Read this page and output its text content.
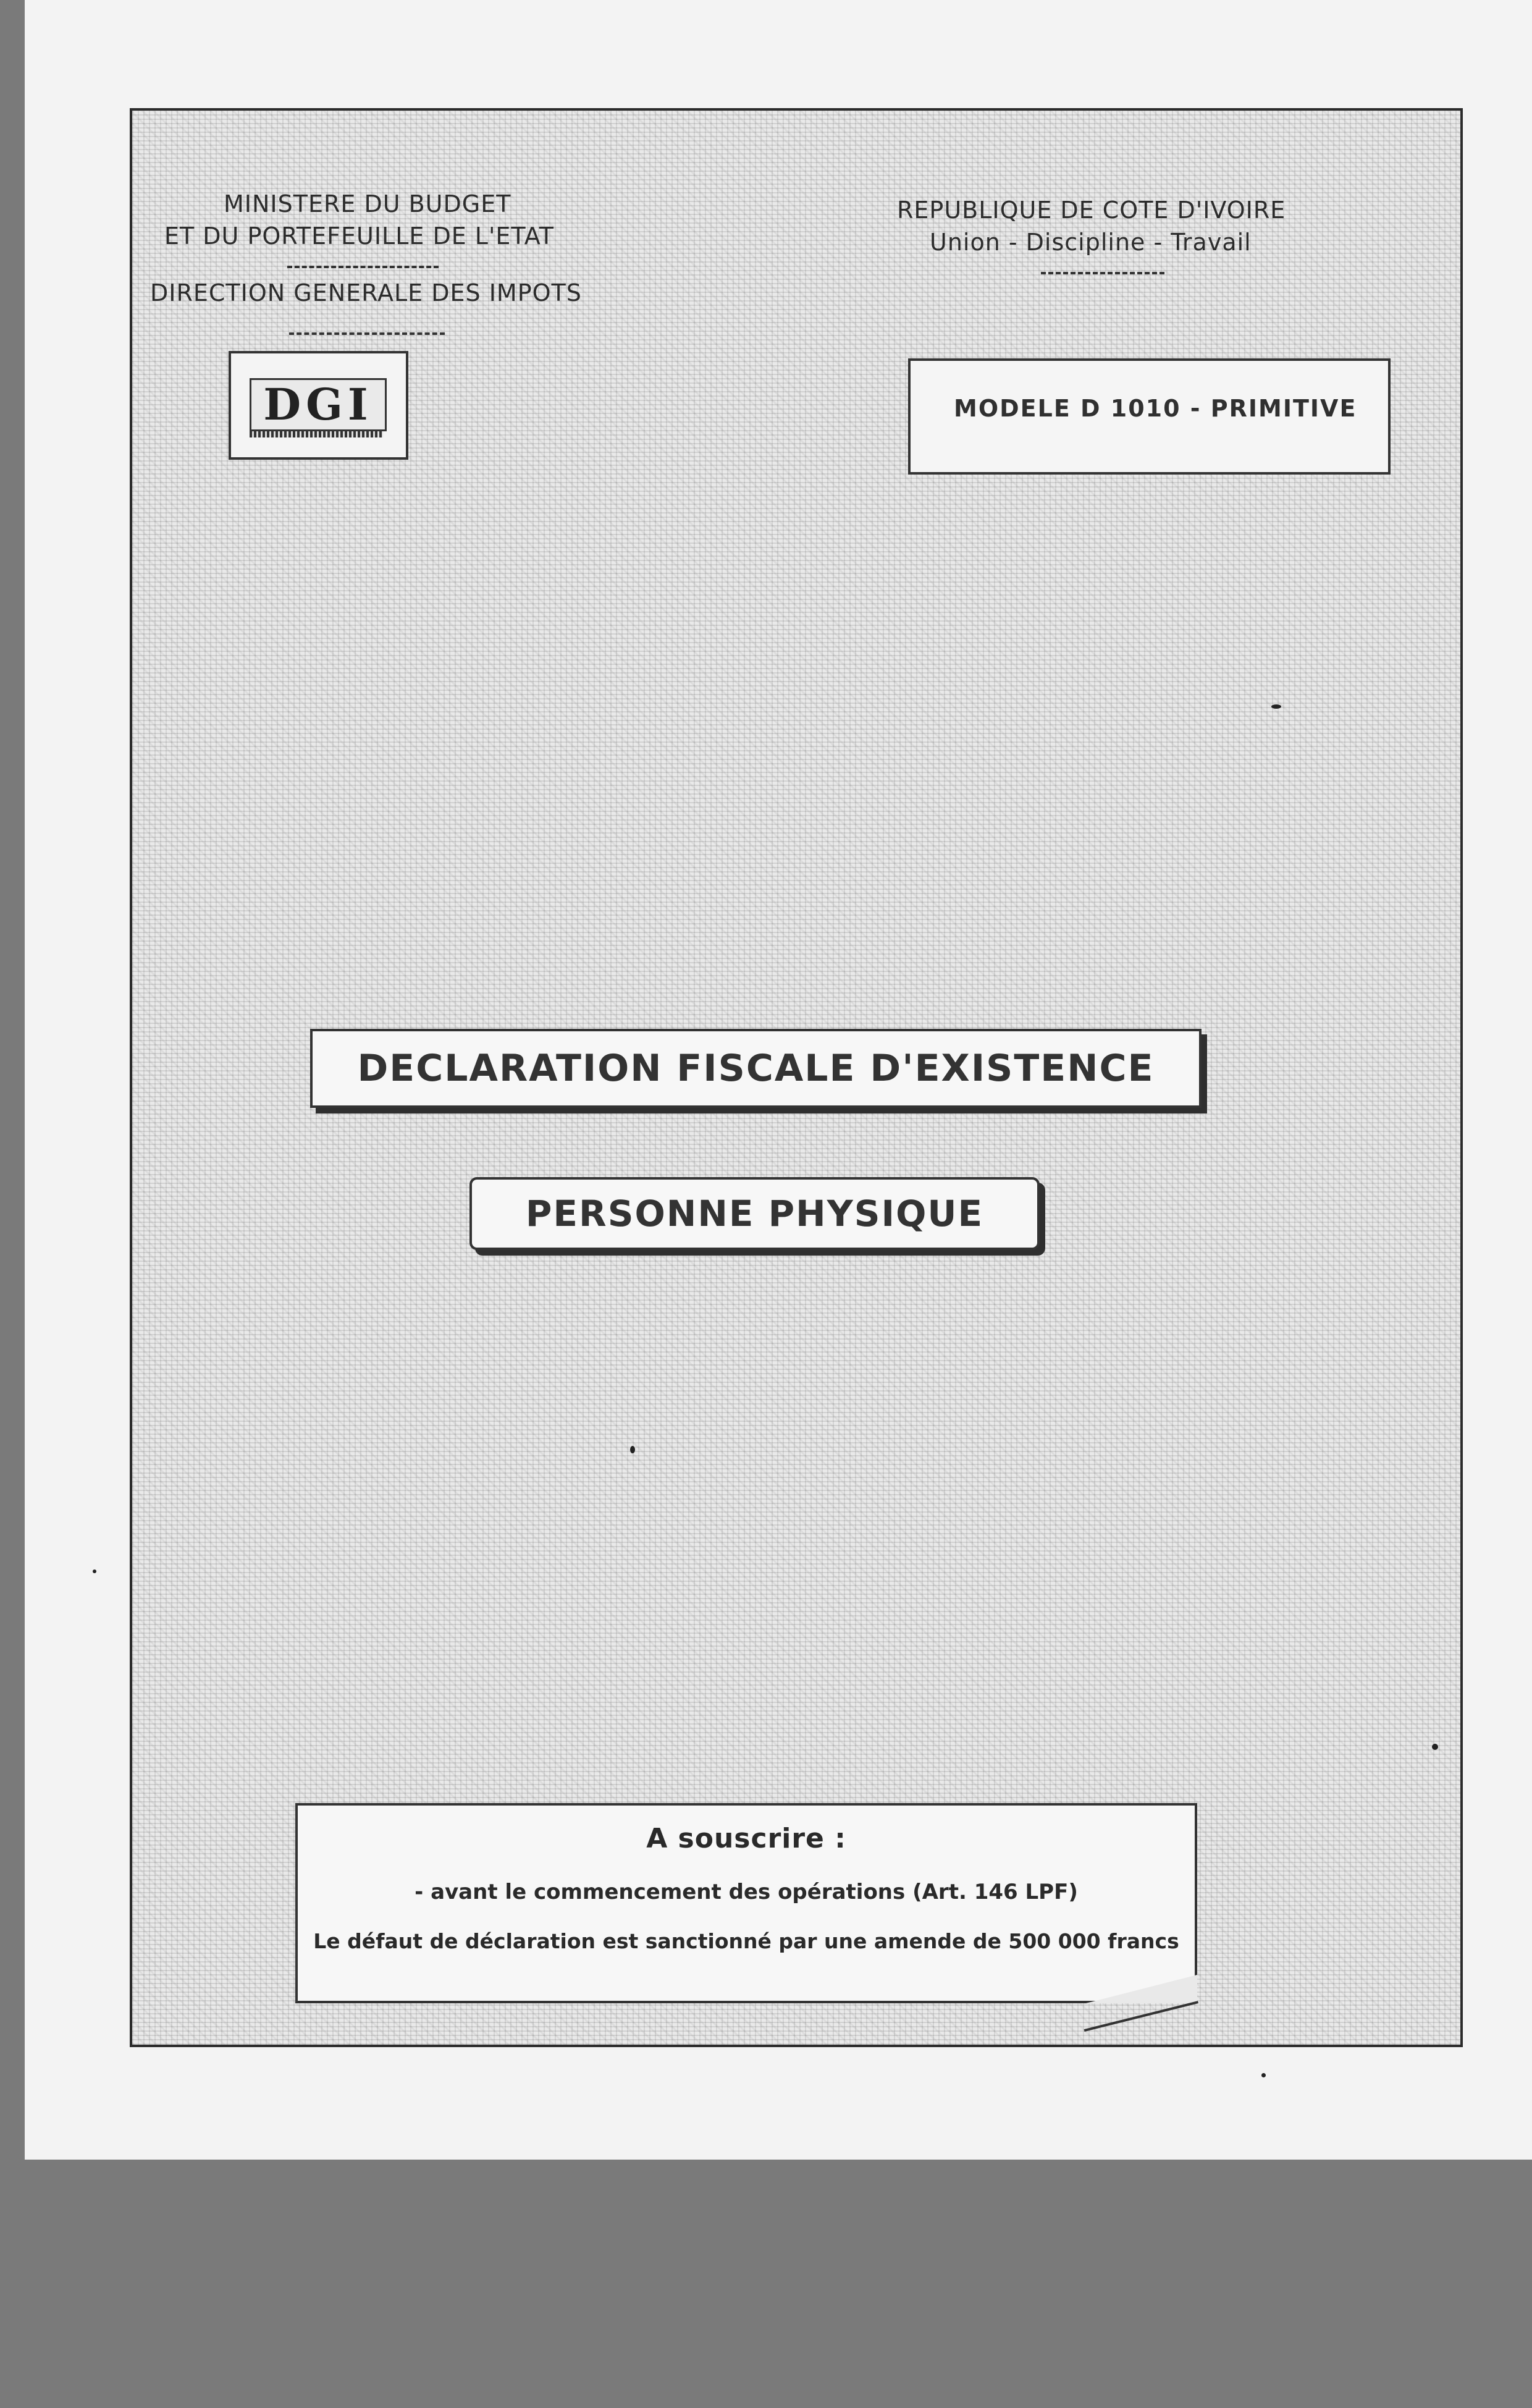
MINISTERE DU BUDGET
ET DU PORTEFEUILLE DE L'ETAT
DIRECTION GENERALE DES IMPOTS
DGI
REPUBLIQUE DE COTE D'IVOIRE
Union - Discipline - Travail
MODELE D 1010 - PRIMITIVE
DECLARATION FISCALE D'EXISTENCE
PERSONNE PHYSIQUE
A souscrire :
- avant le commencement des opérations (Art. 146 LPF)
Le défaut de déclaration est sanctionné par une amende de 500 000 francs
